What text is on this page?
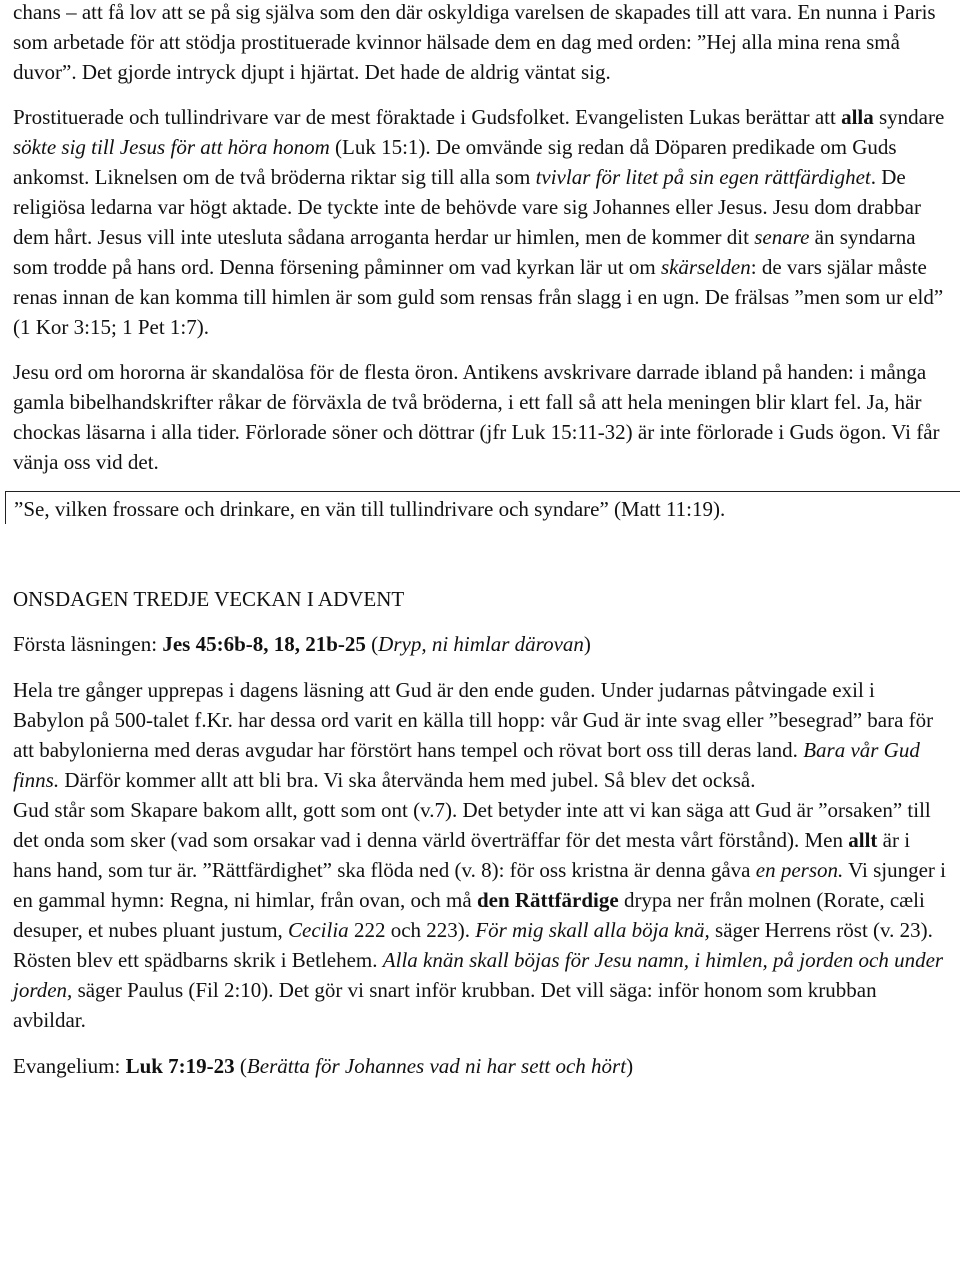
chans – att få lov att se på sig själva som den där oskyldiga varelsen de skapades till att vara. En nunna i Paris som arbetade för att stödja prostituerade kvinnor hälsade dem en dag med orden: ”Hej alla mina rena små duvor”. Det gjorde intryck djupt i hjärtat. Det hade de aldrig väntat sig.

Prostituerade och tullindrivare var de mest föraktade i Gudsfolket. Evangelisten Lukas berättar att alla syndare sökte sig till Jesus för att höra honom (Luk 15:1). De omvände sig redan då Döparen predikade om Guds ankomst. Liknelsen om de två bröderna riktar sig till alla som tvivlar för litet på sin egen rättfärdighet. De religiösa ledarna var högt aktade. De tyckte inte de behövde vare sig Johannes eller Jesus. Jesu dom drabbar dem hårt. Jesus vill inte utesluta sådana arroganta herdar ur himlen, men de kommer dit senare än syndarna som trodde på hans ord. Denna försening påminner om vad kyrkan lär ut om skärselden: de vars själar måste renas innan de kan komma till himlen är som guld som rensas från slagg i en ugn. De frälsas ”men som ur eld” (1 Kor 3:15; 1 Pet 1:7).

Jesu ord om hororna är skandalösa för de flesta öron. Antikens avskrivare darrade ibland på handen: i många gamla bibelhandskrifter råkar de förväxla de två bröderna, i ett fall så att hela meningen blir klart fel. Ja, här chockas läsarna i alla tider. Förlorade söner och döttrar (jfr Luk 15:11-32) är inte förlorade i Guds ögon. Vi får vänja oss vid det.

”Se, vilken frossare och drinkare, en vän till tullindrivare och syndare” (Matt 11:19).

ONSDAGEN TREDJE VECKAN I ADVENT

Första läsningen: Jes 45:6b-8, 18, 21b-25 (Dryp, ni himlar därovan)

Hela tre gånger upprepas i dagens läsning att Gud är den ende guden. Under judarnas påtvingade exil i Babylon på 500-talet f.Kr. har dessa ord varit en källa till hopp: vår Gud är inte svag eller ”besegrad” bara för att babylonierna med deras avgudar har förstört hans tempel och rövat bort oss till deras land. Bara vår Gud finns. Därför kommer allt att bli bra. Vi ska återvända hem med jubel. Så blev det också.

Gud står som Skapare bakom allt, gott som ont (v.7). Det betyder inte att vi kan säga att Gud är ”orsaken” till det onda som sker (vad som orsakar vad i denna värld överträffar för det mesta vårt förstånd). Men allt är i hans hand, som tur är. ”Rättfärdighet” ska flöda ned (v. 8): för oss kristna är denna gåva en person. Vi sjunger i en gammal hymn: Regna, ni himlar, från ovan, och må den Rättfärdige drypa ner från molnen (Rorate, cæli desuper, et nubes pluant justum, Cecilia 222 och 223). För mig skall alla böja knä, säger Herrens röst (v. 23). Rösten blev ett spädbarns skrik i Betlehem. Alla knän skall böjas för Jesu namn, i himlen, på jorden och under jorden, säger Paulus (Fil 2:10). Det gör vi snart inför krubban. Det vill säga: inför honom som krubban avbildar.

Evangelium: Luk 7:19-23 (Berätta för Johannes vad ni har sett och hört)
